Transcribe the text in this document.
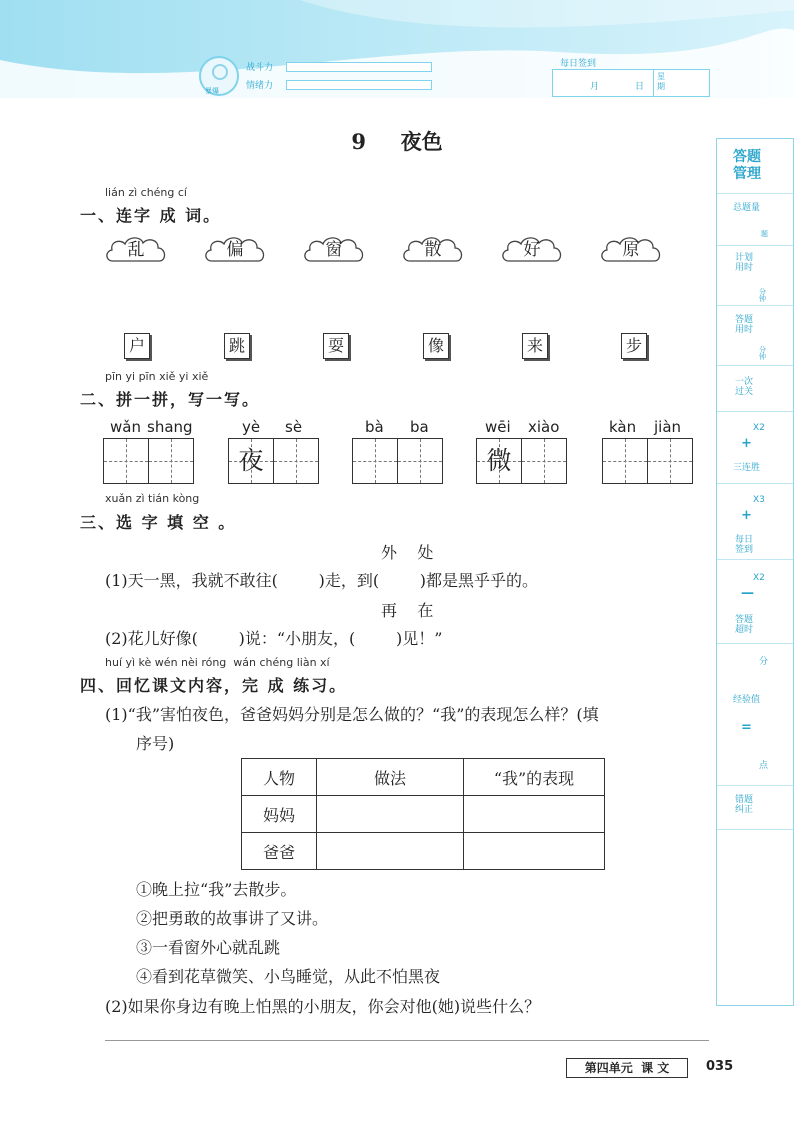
暴爆
战斗力
情绪力
每日签到
月	日
星期
9 夜色
lián zì chéng cí
一、连字 成 词。
乱	偏	窗	散	好	原
户	跳	耍	像	来	步
pīn yi pīn xiě yi xiě
二、拼一拼，写一写。
wǎn shang	yè sè
夜
bà ba	wēi xiào
微
kàn jiàn
xuǎn zì tián kòng
三、选 字 填 空 。
外    处
(1)天一黑，我就不敢往(        )走，到(        )都是黑乎乎的。
再    在
(2)花儿好像(        )说：“小朋友，(        )见！”
huí yì kè wén nèi róng  wán chéng liàn xí
四、回忆课文内容，完 成 练习。
(1)“我”害怕夜色，爸爸妈妈分别是怎么做的？“我”的表现怎么样？(填
序号)
人物	做法	“我”的表现
妈妈		
爸爸		
①晚上拉“我”去散步。
②把勇敢的故事讲了又讲。
③一看窗外心就乱跳
④看到花草微笑、小鸟睡觉，从此不怕黑夜
(2)如果你身边有晚上怕黑的小朋友，你会对他(她)说些什么？
答题管理
总题量
题
计划用时
分钟
答题用时
分钟
一次过关
X2
+
三连胜
X3
+
每日签到
X2
—
答题超时
分
经验值
=
点
错题纠正
第四单元  课 文	035
